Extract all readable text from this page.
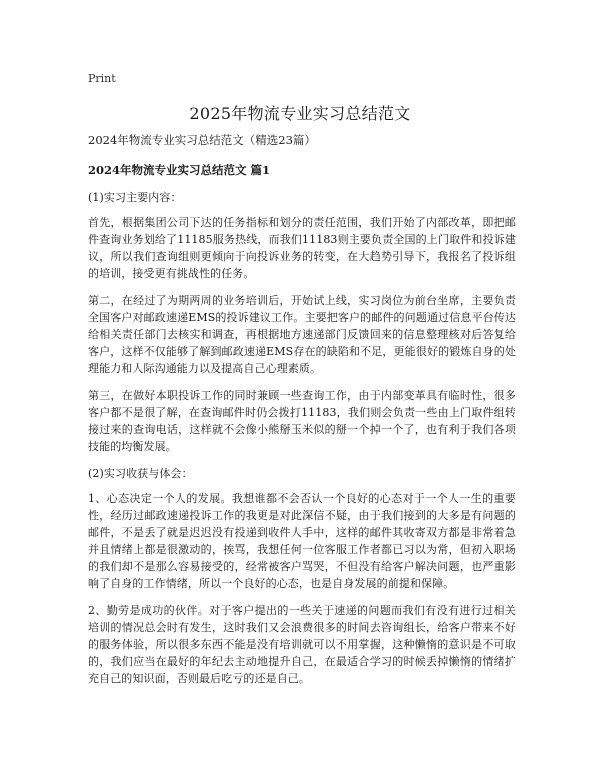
Print
2025年物流专业实习总结范文

2024年物流专业实习总结范文（精选23篇）

2024年物流专业实习总结范文 篇1

(1)实习主要内容：

首先，根据集团公司下达的任务指标和划分的责任范围，我们开始了内部改革，即把邮件查询业务划给了11185服务热线，而我们11183则主要负责全国的上门取件和投诉建议，所以我们查询组则更倾向于向投诉业务的转变，在大趋势引导下，我报名了投诉组的培训，接受更有挑战性的任务。

第二，在经过了为期两周的业务培训后，开始试上线，实习岗位为前台坐席，主要负责全国客户对邮政速递EMS的投诉建议工作。主要把客户的邮件的问题通过信息平台传达给相关责任部门去核实和调查，再根据地方速递部门反馈回来的信息整理核对后答复给客户，这样不仅能够了解到邮政速递EMS存在的缺陷和不足，更能很好的锻炼自身的处理能力和人际沟通能力以及提高自己心理素质。

第三，在做好本职投诉工作的同时兼顾一些查询工作，由于内部变革具有临时性，很多客户都不是很了解，在查询邮件时仍会拨打11183，我们则会负责一些由上门取件组转接过来的查询电话，这样就不会像小熊掰玉米似的掰一个掉一个了，也有利于我们各项技能的均衡发展。

(2)实习收获与体会：

1、心态决定一个人的发展。我想谁都不会否认一个良好的心态对于一个人一生的重要性，经历过邮政速递投诉工作的我更是对此深信不疑，由于我们接到的大多是有问题的邮件，不是丢了就是迟迟没有投递到收件人手中，这样的邮件其收寄双方都是非常着急并且情绪上都是很激动的，挨骂，我想任何一位客服工作者都已习以为常，但初入职场的我们却不是那么容易接受的，经常被客户骂哭，不但没有给客户解决问题，也严重影响了自身的工作情绪，所以一个良好的心态，也是自身发展的前提和保障。

2、勤劳是成功的伙伴。对于客户提出的一些关于速递的问题而我们有没有进行过相关培训的情况总会时有发生，这时我们又会浪费很多的时间去咨询组长，给客户带来不好的服务体验，所以很多东西不能是没有培训就可以不用掌握，这种懒惰的意识是不可取的，我们应当在最好的年纪去主动地提升自己，在最适合学习的时候丢掉懒惰的情绪扩充自己的知识面，否则最后吃亏的还是自己。
